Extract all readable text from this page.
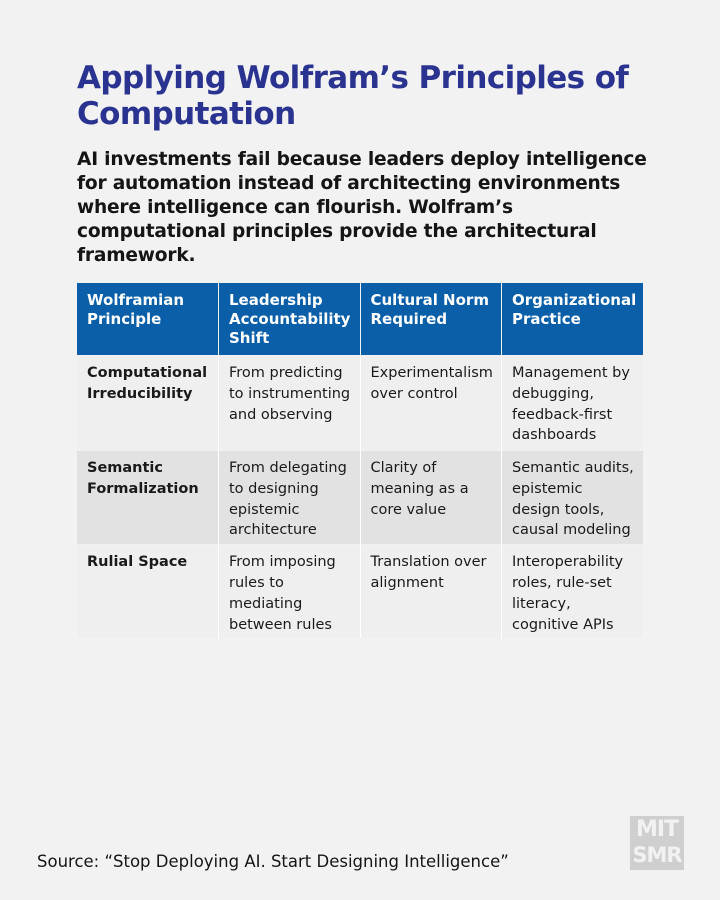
Applying Wolfram’s Principles of Computation

AI investments fail because leaders deploy intelligence for automation instead of architecting environments where intelligence can flourish. Wolfram’s computational principles provide the architectural framework.

Wolframian Principle	Leadership Accountability Shift	Cultural Norm Required	Organizational Practice
Computational Irreducibility	From predicting to instrumenting and observing	Experimentalism over control	Management by debugging, feedback-first dashboards
Semantic Formalization	From delegating to designing epistemic architecture	Clarity of meaning as a core value	Semantic audits, epistemic design tools, causal modeling
Rulial Space	From imposing rules to mediating between rules	Translation over alignment	Interoperability roles, rule-set literacy, cognitive APIs
Source: “Stop Deploying AI. Start Designing Intelligence”
MIT
SMR
